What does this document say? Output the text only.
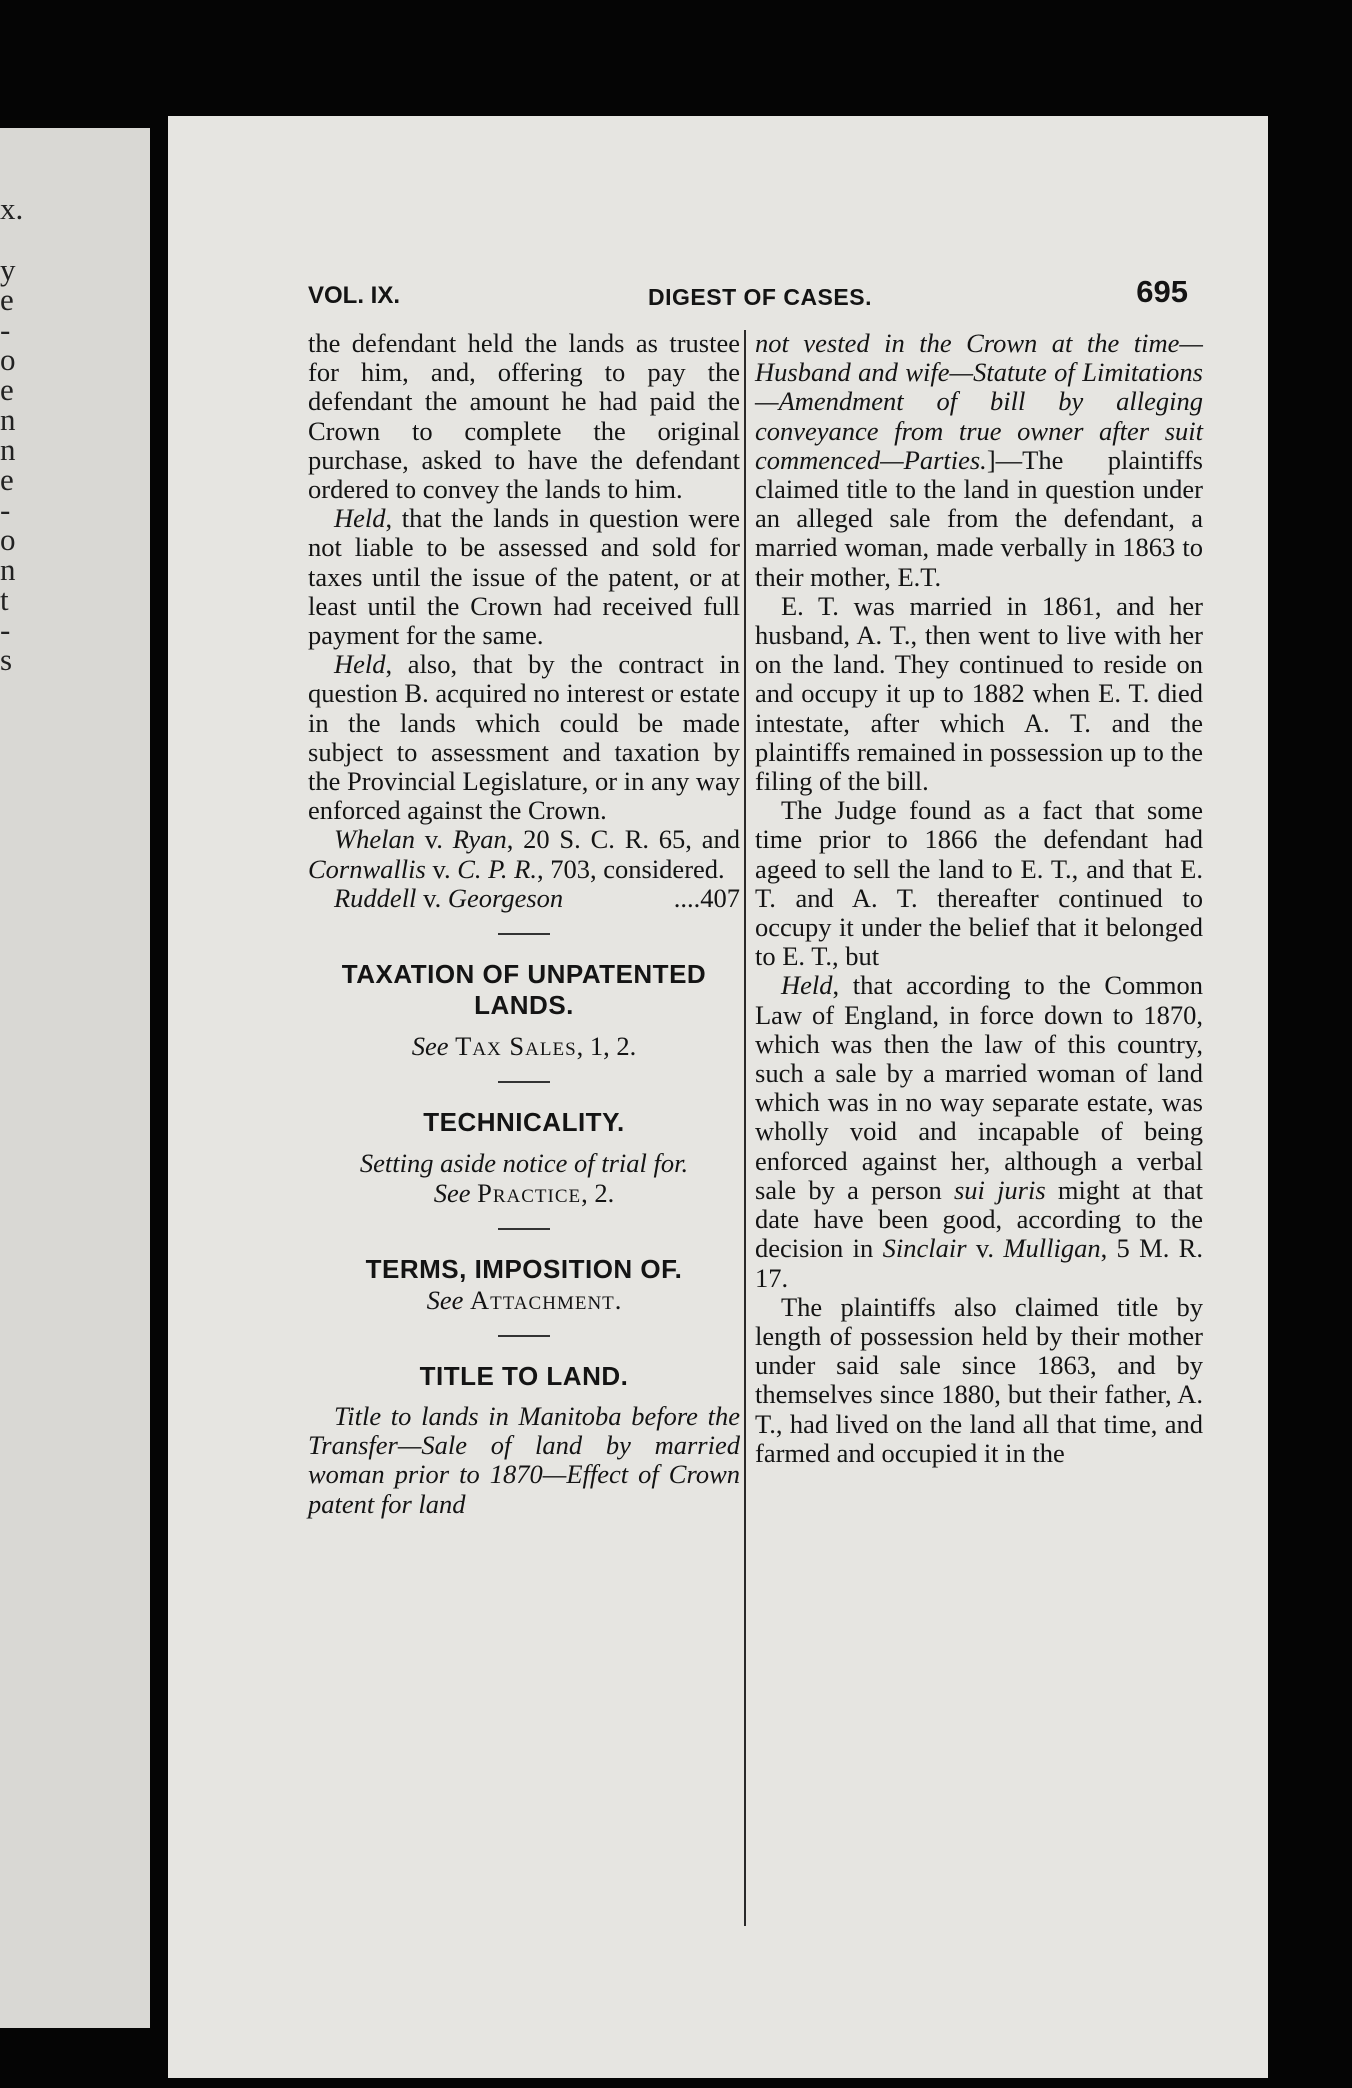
x.
y
e
-
o
e
n
n
e
-
o
n
t
-
s
VOL. IX.	DIGEST OF CASES.	695

the defendant held the lands as trustee for him, and, offering to pay the defendant the amount he had paid the Crown to complete the original purchase, asked to have the defendant ordered to convey the lands to him.

Held, that the lands in question were not liable to be assessed and sold for taxes until the issue of the patent, or at least until the Crown had received full payment for the same.

Held, also, that by the contract in question B. acquired no interest or estate in the lands which could be made subject to assessment and taxation by the Provincial Legislature, or in any way enforced against the Crown.

Whelan v. Ryan, 20 S. C. R. 65, and Cornwallis v. C. P. R., 703, considered.

Ruddell v. Georgeson	....407

TAXATION OF UNPATENTED LANDS.
See Tax Sales, 1, 2.
TECHNICALITY.
Setting aside notice of trial for.
See Practice, 2.
TERMS, IMPOSITION OF.
See Attachment.
TITLE TO LAND.

Title to lands in Manitoba before the Transfer—Sale of land by married woman prior to 1870—Effect of Crown patent for land

not vested in the Crown at the time—Husband and wife—Statute of Limitations—Amendment of bill by alleging conveyance from true owner after suit commenced—Parties.]—The plaintiffs claimed title to the land in question under an alleged sale from the defendant, a married woman, made verbally in 1863 to their mother, E.T.

E. T. was married in 1861, and her husband, A. T., then went to live with her on the land. They continued to reside on and occupy it up to 1882 when E. T. died intestate, after which A. T. and the plaintiffs remained in possession up to the filing of the bill.

The Judge found as a fact that some time prior to 1866 the defendant had ageed to sell the land to E. T., and that E. T. and A. T. thereafter continued to occupy it under the belief that it belonged to E. T., but

Held, that according to the Common Law of England, in force down to 1870, which was then the law of this country, such a sale by a married woman of land which was in no way separate estate, was wholly void and incapable of being enforced against her, although a verbal sale by a person sui juris might at that date have been good, according to the decision in Sinclair v. Mulligan, 5 M. R. 17.

The plaintiffs also claimed title by length of possession held by their mother under said sale since 1863, and by themselves since 1880, but their father, A. T., had lived on the land all that time, and farmed and occupied it in the
